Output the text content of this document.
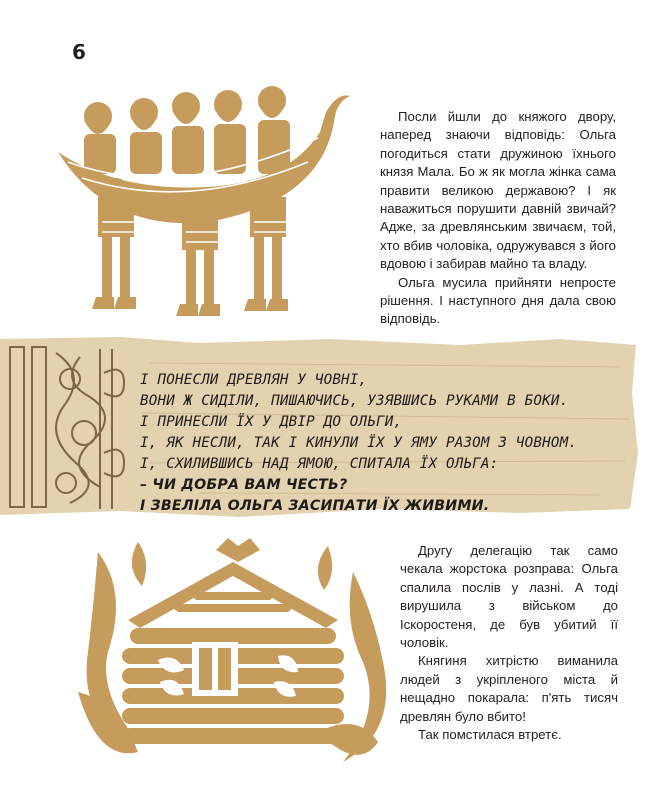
6

Посли йшли до княжого двору, наперед знаючи відповідь: Ольга погодиться стати дружиною їхнього князя Мала. Бо ж як могла жінка сама правити великою державою? І як наважиться порушити давній звичай? Адже, за древлянським звичаєм, той, хто вбив чоловіка, одружувався з його вдовою і забирав майно та владу.

Ольга мусила прийняти непросте рішення. І наступного дня дала свою відповідь.

І ПОНЕСЛИ ДРЕВЛЯН У ЧОВНІ,
ВОНИ Ж СИДІЛИ, ПИШАЮЧИСЬ, УЗЯВШИСЬ РУКАМИ В БОКИ.
І ПРИНЕСЛИ ЇХ У ДВІР ДО ОЛЬГИ,
І, ЯК НЕСЛИ, ТАК І КИНУЛИ ЇХ У ЯМУ РАЗОМ З ЧОВНОМ.
І, СХИЛИВШИСЬ НАД ЯМОЮ, СПИТАЛА ЇХ ОЛЬГА:
– ЧИ ДОБРА ВАМ ЧЕСТЬ?
І ЗВЕЛІЛА ОЛЬГА ЗАСИПАТИ ЇХ ЖИВИМИ.

Другу делегацію так само чекала жорстока розправа: Ольга спалила послів у лазні. А тоді вирушила з військом до Іскоростеня, де був убитий її чоловік.

Княгиня хитрістю виманила людей з укріпленого міста й нещадно покарала: п'ять тисяч древлян було вбито!

Так помстилася втретє.
